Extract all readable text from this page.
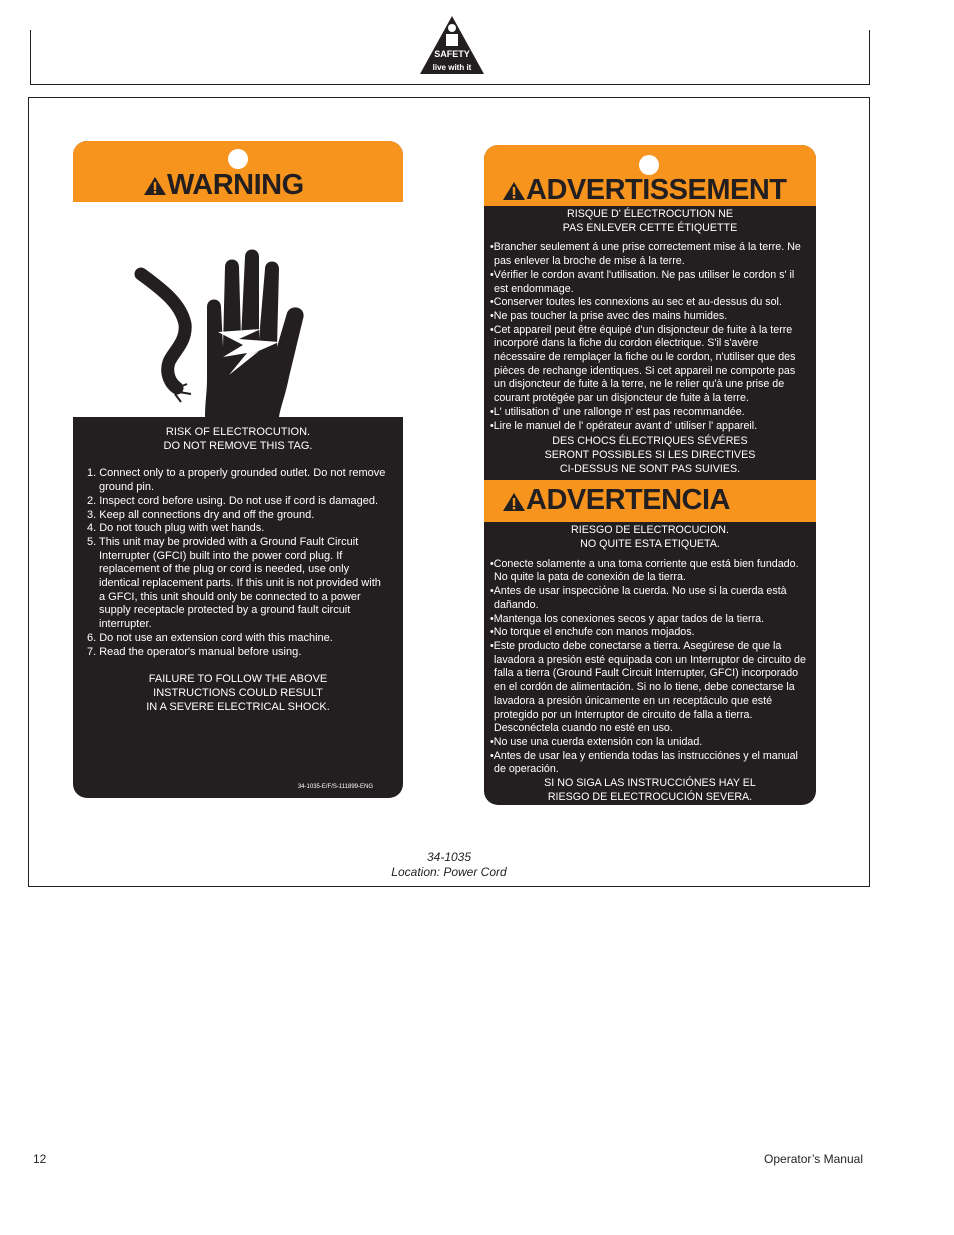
SAFETY
live with it
WARNING
RISK OF ELECTROCUTION.
DO NOT REMOVE THIS TAG.
1. Connect only to a properly grounded outlet. Do not remove ground pin.
2. Inspect cord before using. Do not use if cord is damaged.
3. Keep all connections dry and off the ground.
4. Do not touch plug with wet hands.
5. This unit may be provided with a Ground Fault Circuit Interrupter (GFCI) built into the power cord plug. If replacement of the plug or cord is needed, use only identical replacement parts. If this unit is not provided with a GFCI, this unit should only be connected to a power supply receptacle protected by a ground fault circuit interrupter.
6. Do not use an extension cord with this machine.
7. Read the operator's manual before using.
FAILURE TO FOLLOW THE ABOVE
INSTRUCTIONS COULD RESULT
IN A SEVERE ELECTRICAL SHOCK.
34-1035-E/F/S-111899-ENG
ADVERTISSEMENT
RISQUE D' ÉLECTROCUTION NE
PAS ENLEVER CETTE ÉTIQUETTE
•Brancher seulement á une prise correctement mise á la terre. Ne pas enlever la broche de mise á la terre.
•Vérifier le cordon avant l'utilisation. Ne pas utiliser le cordon s' il est endommage.
•Conserver toutes les connexions au sec et au-dessus du sol.
•Ne pas toucher la prise avec des mains humides.
•Cet appareil peut être équipé d'un disjoncteur de fuite à la terre incorporé dans la fiche du cordon électrique. S'il s'avère nécessaire de remplaçer la fiche ou le cordon, n'utiliser que des pièces de rechange identiques. Si cet appareil ne comporte pas un disjoncteur de fuite à la terre, ne le relier qu'à une prise de courant protégée par un disjoncteur de fuite à la terre.
•L' utilisation d' une rallonge n' est pas recommandée.
•Lire le manuel de l' opérateur avant d' utiliser l' appareil.
DES CHOCS ÉLECTRIQUES SÉVÉRES
SERONT POSSIBLES SI LES DIRECTIVES
CI-DESSUS NE SONT PAS SUIVIES.
ADVERTENCIA
RIESGO DE ELECTROCUCION.
NO QUITE ESTA ETIQUETA.
•Conecte solamente a una toma corriente que está bien fundado. No quite la pata de conexión de la tierra.
•Antes de usar inspecciόne la cuerda. No use si la cuerda està dañando.
•Mantenga los conexiones secos y apar tados de la tierra.
•No torque el enchufe con manos mojados.
•Este producto debe conectarse a tierra. Asegúrese de que la lavadora a presión esté equipada con un Interruptor de circuito de falla a tierra (Ground Fault Circuit Interrupter, GFCI) incorporado en el cordón de alimentación. Si no lo tiene, debe conectarse la lavadora a presión únicamente en un receptáculo que esté protegido por un Interruptor de circuito de falla a tierra. Desconéctela cuando no esté en uso.
•No use una cuerda extensión con la unidad.
•Antes de usar lea y entienda todas las instrucciónes y el manual de operación.
SI NO SIGA LAS INSTRUCCIÓNES HAY EL
RIESGO DE ELECTROCUCIÓN SEVERA.
34-1035
Location: Power Cord
12	Operator’s Manual
